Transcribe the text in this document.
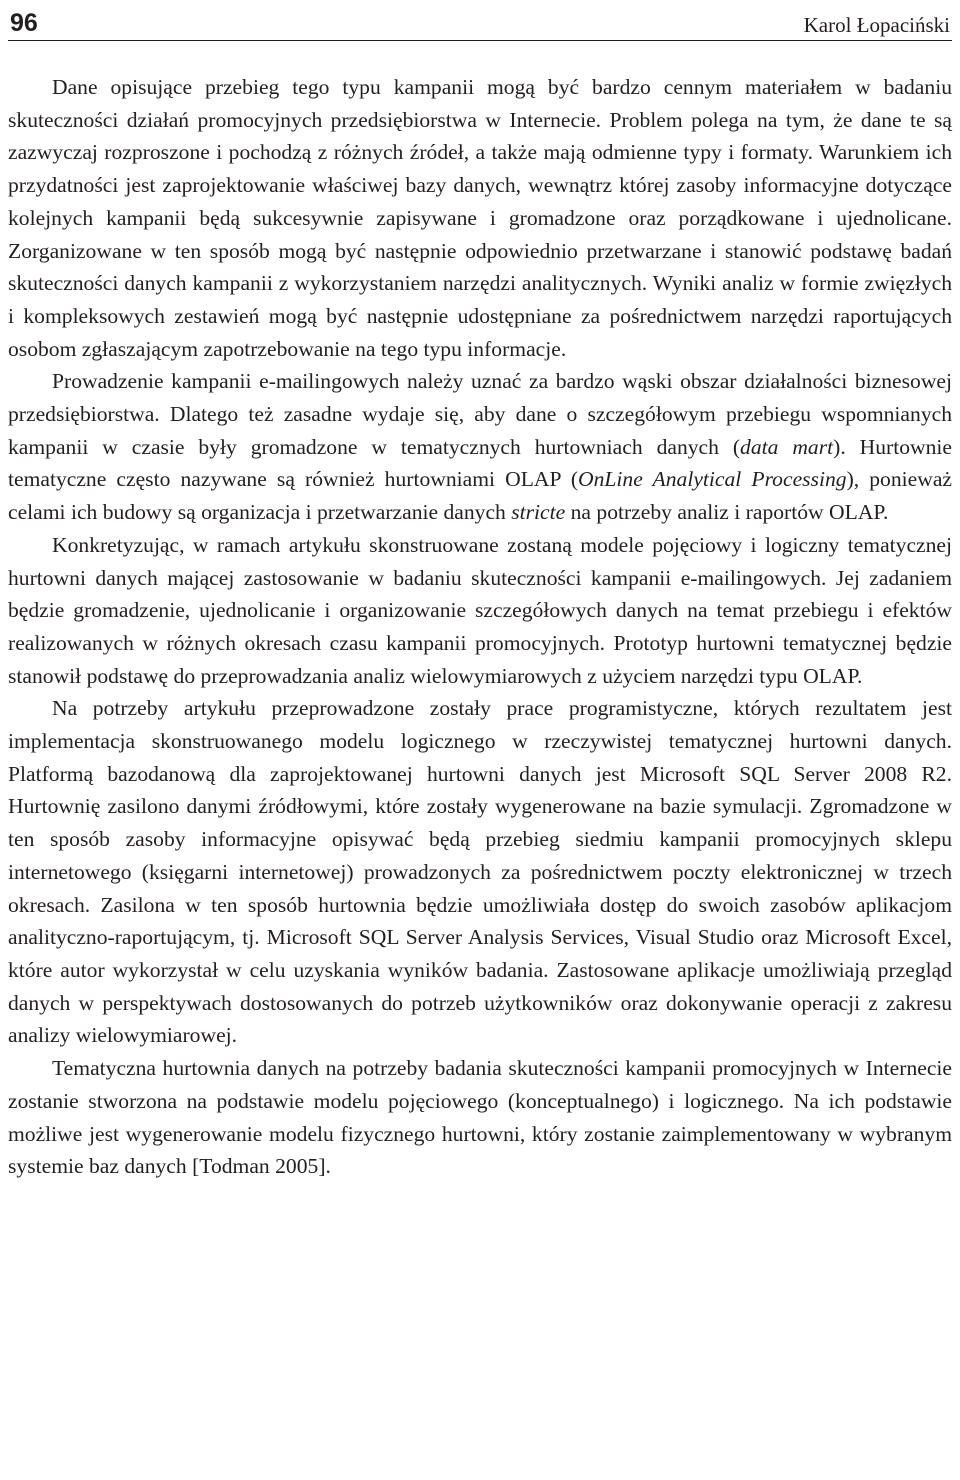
96	Karol Łopaciński

Dane opisujące przebieg tego typu kampanii mogą być bardzo cennym materiałem w badaniu skuteczności działań promocyjnych przedsiębiorstwa w Internecie. Problem polega na tym, że dane te są zazwyczaj rozproszone i pochodzą z różnych źródeł, a także mają odmienne typy i formaty. Warunkiem ich przydatności jest zaprojektowanie właściwej bazy danych, wewnątrz której zasoby informacyjne dotyczące kolejnych kampanii będą sukcesywnie zapisywane i gromadzone oraz porządkowane i ujednolicane. Zorganizowane w ten sposób mogą być następnie odpowiednio przetwarzane i stanowić podstawę badań skuteczności danych kampanii z wykorzystaniem narzędzi analitycznych. Wyniki analiz w formie zwięzłych i kompleksowych zestawień mogą być następnie udostępniane za pośrednictwem narzędzi raportujących osobom zgłaszającym zapotrzebowanie na tego typu informacje.

Prowadzenie kampanii e-mailingowych należy uznać za bardzo wąski obszar działalności biznesowej przedsiębiorstwa. Dlatego też zasadne wydaje się, aby dane o szczegółowym przebiegu wspomnianych kampanii w czasie były gromadzone w tematycznych hurtowniach danych (data mart). Hurtownie tematyczne często nazywane są również hurtowniami OLAP (OnLine Analytical Processing), ponieważ celami ich budowy są organizacja i przetwarzanie danych stricte na potrzeby analiz i raportów OLAP.

Konkretyzując, w ramach artykułu skonstruowane zostaną modele pojęciowy i logiczny tematycznej hurtowni danych mającej zastosowanie w badaniu skuteczności kampanii e-mailingowych. Jej zadaniem będzie gromadzenie, ujednolicanie i organizowanie szczegółowych danych na temat przebiegu i efektów realizowanych w różnych okresach czasu kampanii promocyjnych. Prototyp hurtowni tematycznej będzie stanowił podstawę do przeprowadzania analiz wielowymiarowych z użyciem narzędzi typu OLAP.

Na potrzeby artykułu przeprowadzone zostały prace programistyczne, których rezultatem jest implementacja skonstruowanego modelu logicznego w rzeczywistej tematycznej hurtowni danych. Platformą bazodanową dla zaprojektowanej hurtowni danych jest Microsoft SQL Server 2008 R2. Hurtownię zasilono danymi źródłowymi, które zostały wygenerowane na bazie symulacji. Zgromadzone w ten sposób zasoby informacyjne opisywać będą przebieg siedmiu kampanii promocyjnych sklepu internetowego (księgarni internetowej) prowadzonych za pośrednictwem poczty elektronicznej w trzech okresach. Zasilona w ten sposób hurtownia będzie umożliwiała dostęp do swoich zasobów aplikacjom analityczno-raportującym, tj. Microsoft SQL Server Analysis Services, Visual Studio oraz Microsoft Excel, które autor wykorzystał w celu uzyskania wyników badania. Zastosowane aplikacje umożliwiają przegląd danych w perspektywach dostosowanych do potrzeb użytkowników oraz dokonywanie operacji z zakresu analizy wielowymiarowej.

Tematyczna hurtownia danych na potrzeby badania skuteczności kampanii promocyjnych w Internecie zostanie stworzona na podstawie modelu pojęciowego (konceptualnego) i logicznego. Na ich podstawie możliwe jest wygenerowanie modelu fizycznego hurtowni, który zostanie zaimplementowany w wybranym systemie baz danych [Todman 2005].
